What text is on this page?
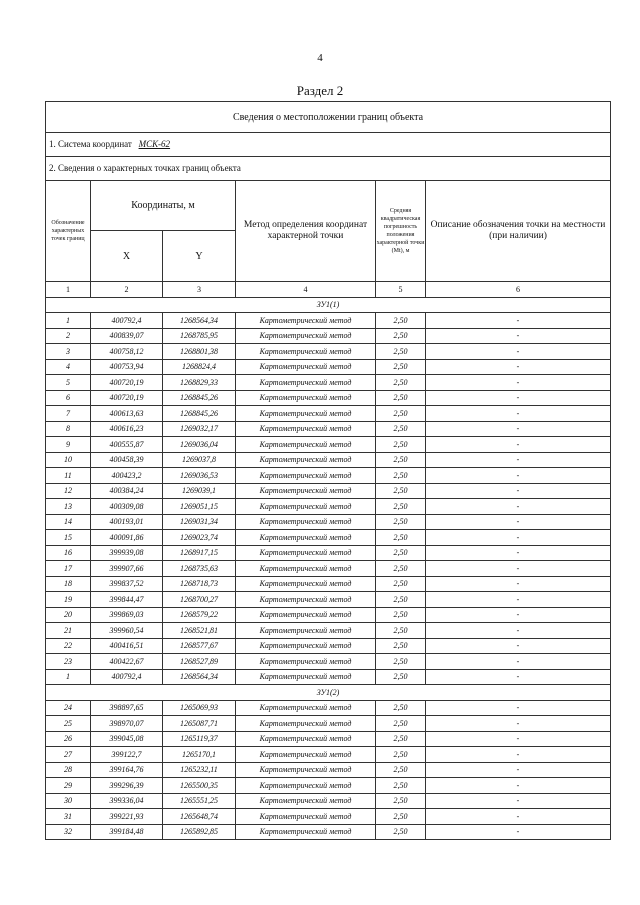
4
Раздел 2
Сведения о местоположении границ объекта					
1. Система координат МСК-62					
2. Сведения о характерных точках границ объекта					
Обозначение характерных точек границ	Координаты, м		Метод определения координат характерной точки	Средняя квадратическая погрешность положения характерной точки (Mt), м	Описание обозначения точки на местности (при наличии)
	X	Y			
1	2	3	4	5	6
ЗУ1(1)					
1	400792,4	1268564,34	Картометрический метод	2,50	-
2	400839,07	1268785,95	Картометрический метод	2,50	-
3	400758,12	1268801,38	Картометрический метод	2,50	-
4	400753,94	1268824,4	Картометрический метод	2,50	-
5	400720,19	1268829,33	Картометрический метод	2,50	-
6	400720,19	1268845,26	Картометрический метод	2,50	-
7	400613,63	1268845,26	Картометрический метод	2,50	-
8	400616,23	1269032,17	Картометрический метод	2,50	-
9	400555,87	1269036,04	Картометрический метод	2,50	-
10	400458,39	1269037,8	Картометрический метод	2,50	-
11	400423,2	1269036,53	Картометрический метод	2,50	-
12	400384,24	1269039,1	Картометрический метод	2,50	-
13	400309,08	1269051,15	Картометрический метод	2,50	-
14	400193,01	1269031,34	Картометрический метод	2,50	-
15	400091,86	1269023,74	Картометрический метод	2,50	-
16	399939,08	1268917,15	Картометрический метод	2,50	-
17	399907,66	1268735,63	Картометрический метод	2,50	-
18	399837,52	1268718,73	Картометрический метод	2,50	-
19	399844,47	1268700,27	Картометрический метод	2,50	-
20	399869,03	1268579,22	Картометрический метод	2,50	-
21	399960,54	1268521,81	Картометрический метод	2,50	-
22	400416,51	1268577,67	Картометрический метод	2,50	-
23	400422,67	1268527,89	Картометрический метод	2,50	-
1	400792,4	1268564,34	Картометрический метод	2,50	-
ЗУ1(2)					
24	398897,65	1265069,93	Картометрический метод	2,50	-
25	398970,07	1265087,71	Картометрический метод	2,50	-
26	399045,08	1265119,37	Картометрический метод	2,50	-
27	399122,7	1265170,1	Картометрический метод	2,50	-
28	399164,76	1265232,11	Картометрический метод	2,50	-
29	399296,39	1265500,35	Картометрический метод	2,50	-
30	399336,04	1265551,25	Картометрический метод	2,50	-
31	399221,93	1265648,74	Картометрический метод	2,50	-
32	399184,48	1265892,85	Картометрический метод	2,50	-
